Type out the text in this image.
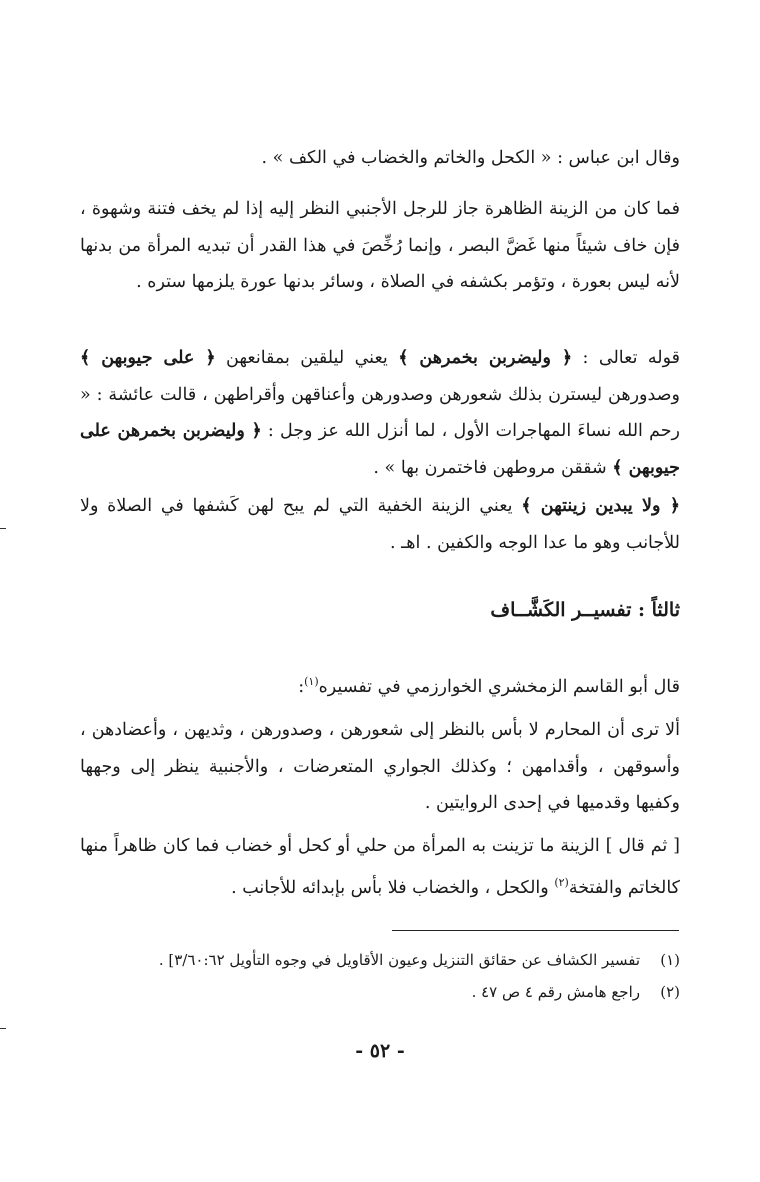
وقال ابن عباس : « الكحل والخاتم والخضاب في الكف » .
فما كان من الزينة الظاهرة جاز للرجل الأجنبي النظر إليه إذا لم يخف فتنة وشهوة ، فإن خاف شيئاً منها غَضَّ البصر ، وإنما رُخِّصَ في هذا القدر أن تبديه المرأة من بدنها لأنه ليس بعورة ، وتؤمر بكشفه في الصلاة ، وسائر بدنها عورة يلزمها ستره .
قوله تعالى : ﴿ وليضربن بخمرهن ﴾ يعني ليلقين بمقانعهن ﴿ على جيوبهن ﴾ وصدورهن ليسترن بذلك شعورهن وصدورهن وأعناقهن وأقراطهن ، قالت عائشة : « رحم الله نساءَ المهاجرات الأول ، لما أنزل الله عز وجل : ﴿ وليضربن بخمرهن على جيوبهن ﴾ شققن مروطهن فاختمرن بها » .
﴿ ولا يبدين زينتهن ﴾ يعني الزينة الخفية التي لم يبح لهن كَشفها في الصلاة ولا للأجانب وهو ما عدا الوجه والكفين . اهـ .
ثالثاً : تفسيــر الكَشَّــاف
قال أبو القاسم الزمخشري الخوارزمي في تفسيره$^{(١)}$:
ألا ترى أن المحارم لا بأس بالنظر إلى شعورهن ، وصدورهن ، وثديهن ، وأعضادهن ، وأسوقهن ، وأقدامهن ؛ وكذلك الجواري المتعرضات ، والأجنبية ينظر إلى وجهها وكفيها وقدميها في إحدى الروايتين .
[ ثم قال ] الزينة ما تزينت به المرأة من حلي أو كحل أو خضاب فما كان ظاهراً منها كالخاتم والفتخة$^{(٢)}$ والكحل ، والخضاب فلا بأس بإبدائه للأجانب .
(١)تفسير الكشاف عن حقائق التنزيل وعيون الأقاويل في وجوه التأويل ٣/٦٠:٦٢] .
(٢)راجع هامش رقم ٤ ص ٤٧ .
- ٥٢ -
